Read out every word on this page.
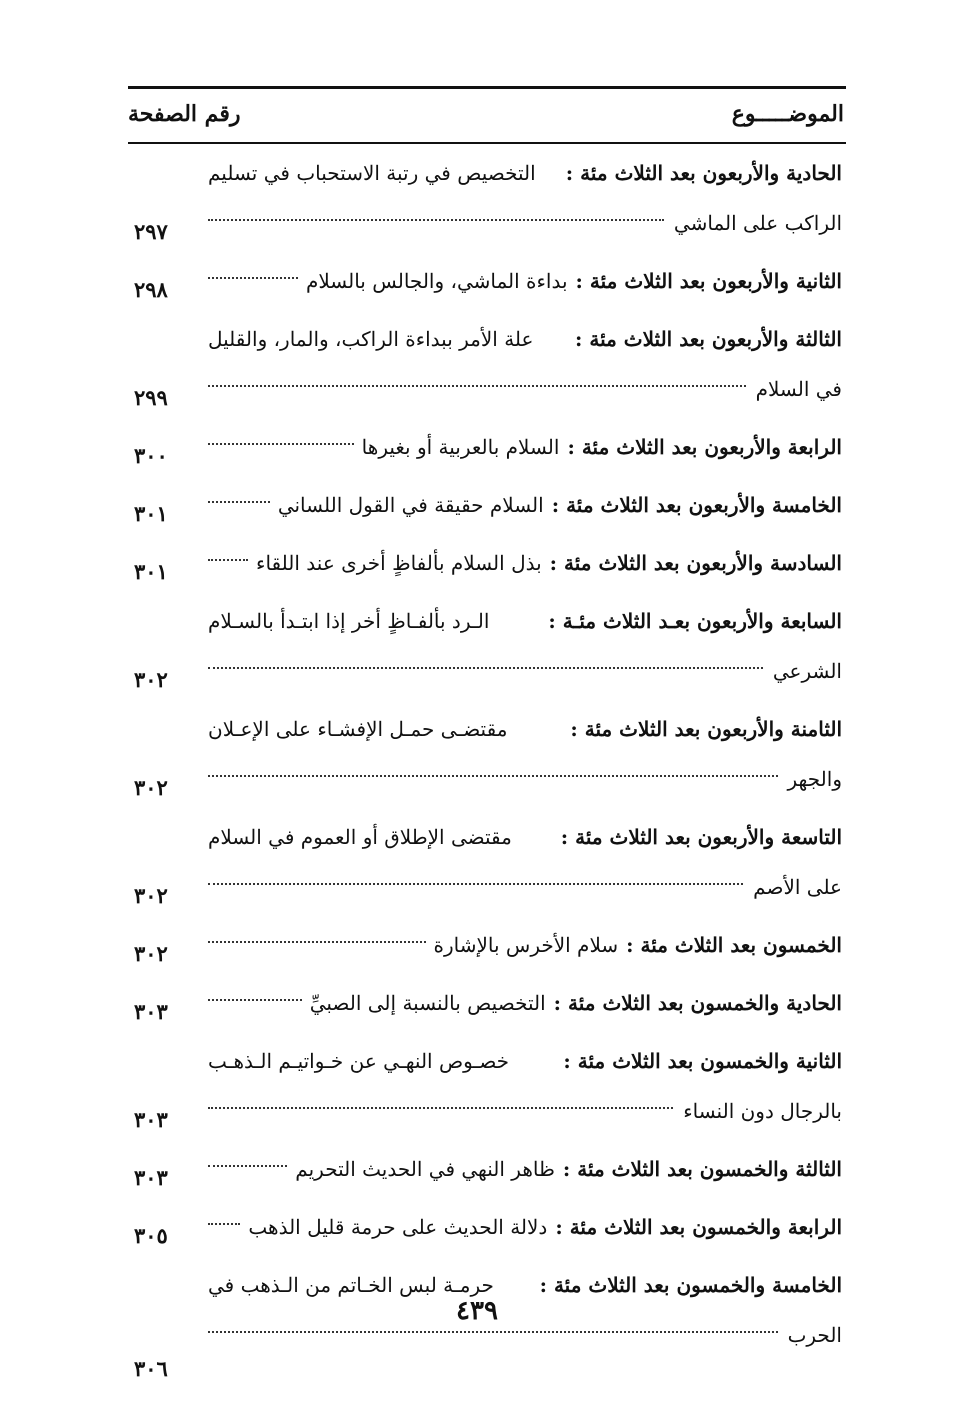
الموضـــــوع
رقم الصفحة
الحادية والأربعون بعد الثلاث مئة :
التخصيص في رتبة الاستحباب في تسليم
الراكب على الماشي
٢٩٧
الثانية والأربعون بعد الثلاث مئة :
بداءة الماشي، والجالس بالسلام
٢٩٨
الثالثة والأربعون بعد الثلاث مئة :
علة الأمر ببداءة الراكب، والمار، والقليل
في السلام
٢٩٩
الرابعة والأربعون بعد الثلاث مئة :
السلام بالعربية أو بغيرها
٣٠٠
الخامسة والأربعون بعد الثلاث مئة :
السلام حقيقة في القول اللساني
٣٠١
السادسة والأربعون بعد الثلاث مئة :
بذل السلام بألفاظٍ أخرى عند اللقاء
٣٠١
السابعة والأربعون بعـد الثلاث مئـة :
الـرد بألفـاظٍ أخر إذا ابتـدأ بالسـلام
الشرعي
٣٠٢
الثامنة والأربعون بعد الثلاث مئة :
مقتضـى حمـل الإفشـاء على الإعـلان
والجهر
٣٠٢
التاسعة والأربعون بعد الثلاث مئة :
مقتضى الإطلاق أو العموم في السلام
على الأصم
٣٠٢
الخمسون بعد الثلاث مئة :
سلام الأخرس بالإشارة
٣٠٢
الحادية والخمسون بعد الثلاث مئة :
التخصيص بالنسبة إلى الصبيِّ
٣٠٣
الثانية والخمسون بعد الثلاث مئة :
خصـوص النهـي عن خـواتيـم الـذهـب
بالرجال دون النساء
٣٠٣
الثالثة والخمسون بعد الثلاث مئة :
ظاهر النهي في الحديث التحريم
٣٠٣
الرابعة والخمسون بعد الثلاث مئة :
دلالة الحديث على حرمة قليل الذهب
٣٠٥
الخامسة والخمسون بعد الثلاث مئة :
حرمـة لبس الخـاتم من الـذهب في
الحرب
٣٠٦
٤٣٩
